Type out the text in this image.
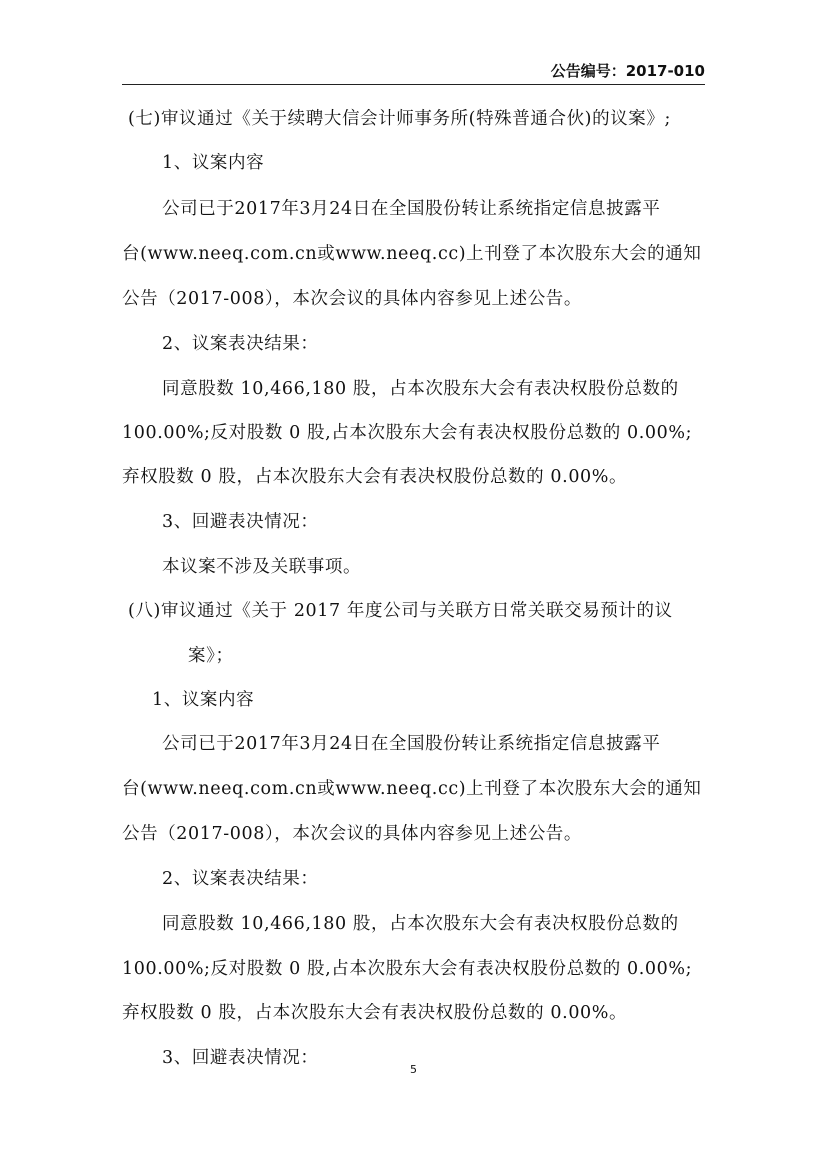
公告编号：2017-010
(七)审议通过《关于续聘大信会计师事务所(特殊普通合伙)的议案》;
1、议案内容
公司已于2017年3月24日在全国股份转让系统指定信息披露平
台(www.neeq.com.cn或www.neeq.cc)上刊登了本次股东大会的通知
公告（2017-008），本次会议的具体内容参见上述公告。
2、议案表决结果：
同意股数 10,466,180 股，占本次股东大会有表决权股份总数的
100.00%;反对股数 0 股,占本次股东大会有表决权股份总数的 0.00%;
弃权股数 0 股，占本次股东大会有表决权股份总数的 0.00%。
3、回避表决情况：
本议案不涉及关联事项。
(八)审议通过《关于 2017 年度公司与关联方日常关联交易预计的议
案》；
1、议案内容
公司已于2017年3月24日在全国股份转让系统指定信息披露平
台(www.neeq.com.cn或www.neeq.cc)上刊登了本次股东大会的通知
公告（2017-008），本次会议的具体内容参见上述公告。
2、议案表决结果：
同意股数 10,466,180 股，占本次股东大会有表决权股份总数的
100.00%;反对股数 0 股,占本次股东大会有表决权股份总数的 0.00%;
弃权股数 0 股，占本次股东大会有表决权股份总数的 0.00%。
3、回避表决情况：
5
